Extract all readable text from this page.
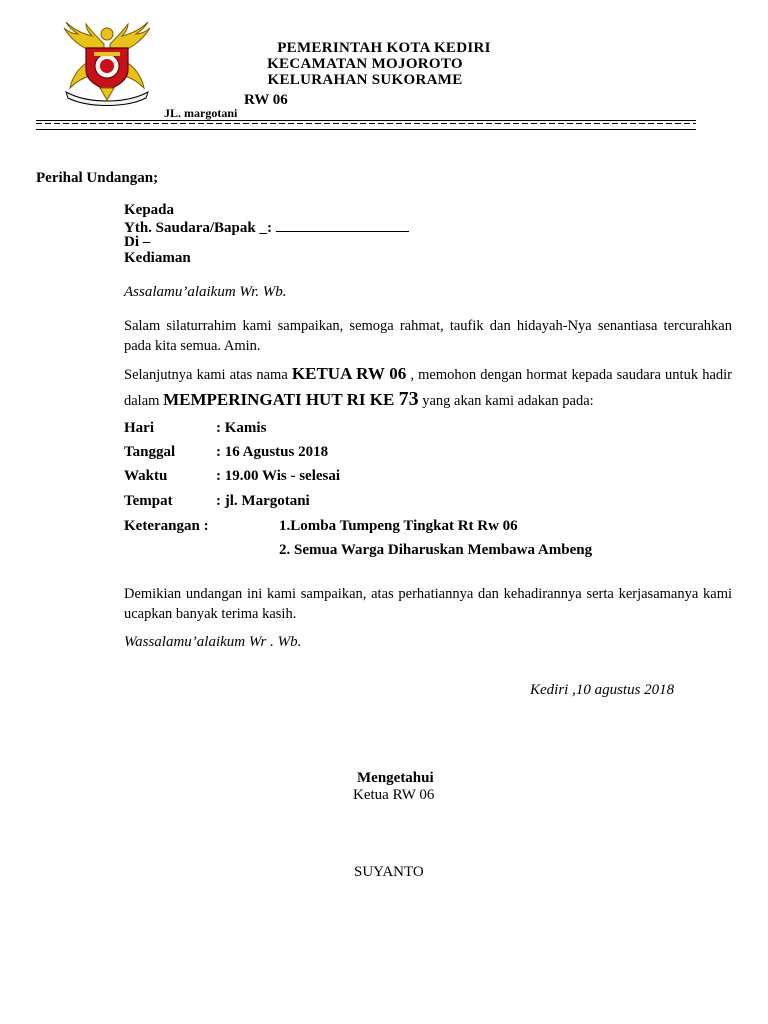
PEMERINTAH KOTA KEDIRI
KECAMATAN MOJOROTO
KELURAHAN SUKORAME
RW 06
JL. margotani
Perihal Undangan;
Kepada
Yth. Saudara/Bapak _:
Di –
Kediaman
Assalamu’alaikum Wr. Wb.
Salam silaturrahim kami sampaikan, semoga rahmat, taufik dan hidayah-Nya senantiasa tercurahkan pada kita semua. Amin.
Selanjutnya kami atas nama KETUA RW 06 , memohon dengan hormat kepada saudara untuk hadir dalam MEMPERINGATI HUT RI KE 73 yang akan kami adakan pada:
Hari	: Kamis
Tanggal	: 16 Agustus 2018
Waktu	: 19.00 Wis - selesai
Tempat	: jl. Margotani
Keterangan :	1.Lomba Tumpeng Tingkat Rt Rw 06
2. Semua Warga Diharuskan Membawa Ambeng
Demikian undangan ini kami sampaikan, atas perhatiannya dan kehadirannya serta kerjasamanya kami ucapkan banyak terima kasih.
Wassalamu’alaikum Wr . Wb.
Kediri ,10 agustus 2018
Mengetahui
Ketua RW 06
SUYANTO
